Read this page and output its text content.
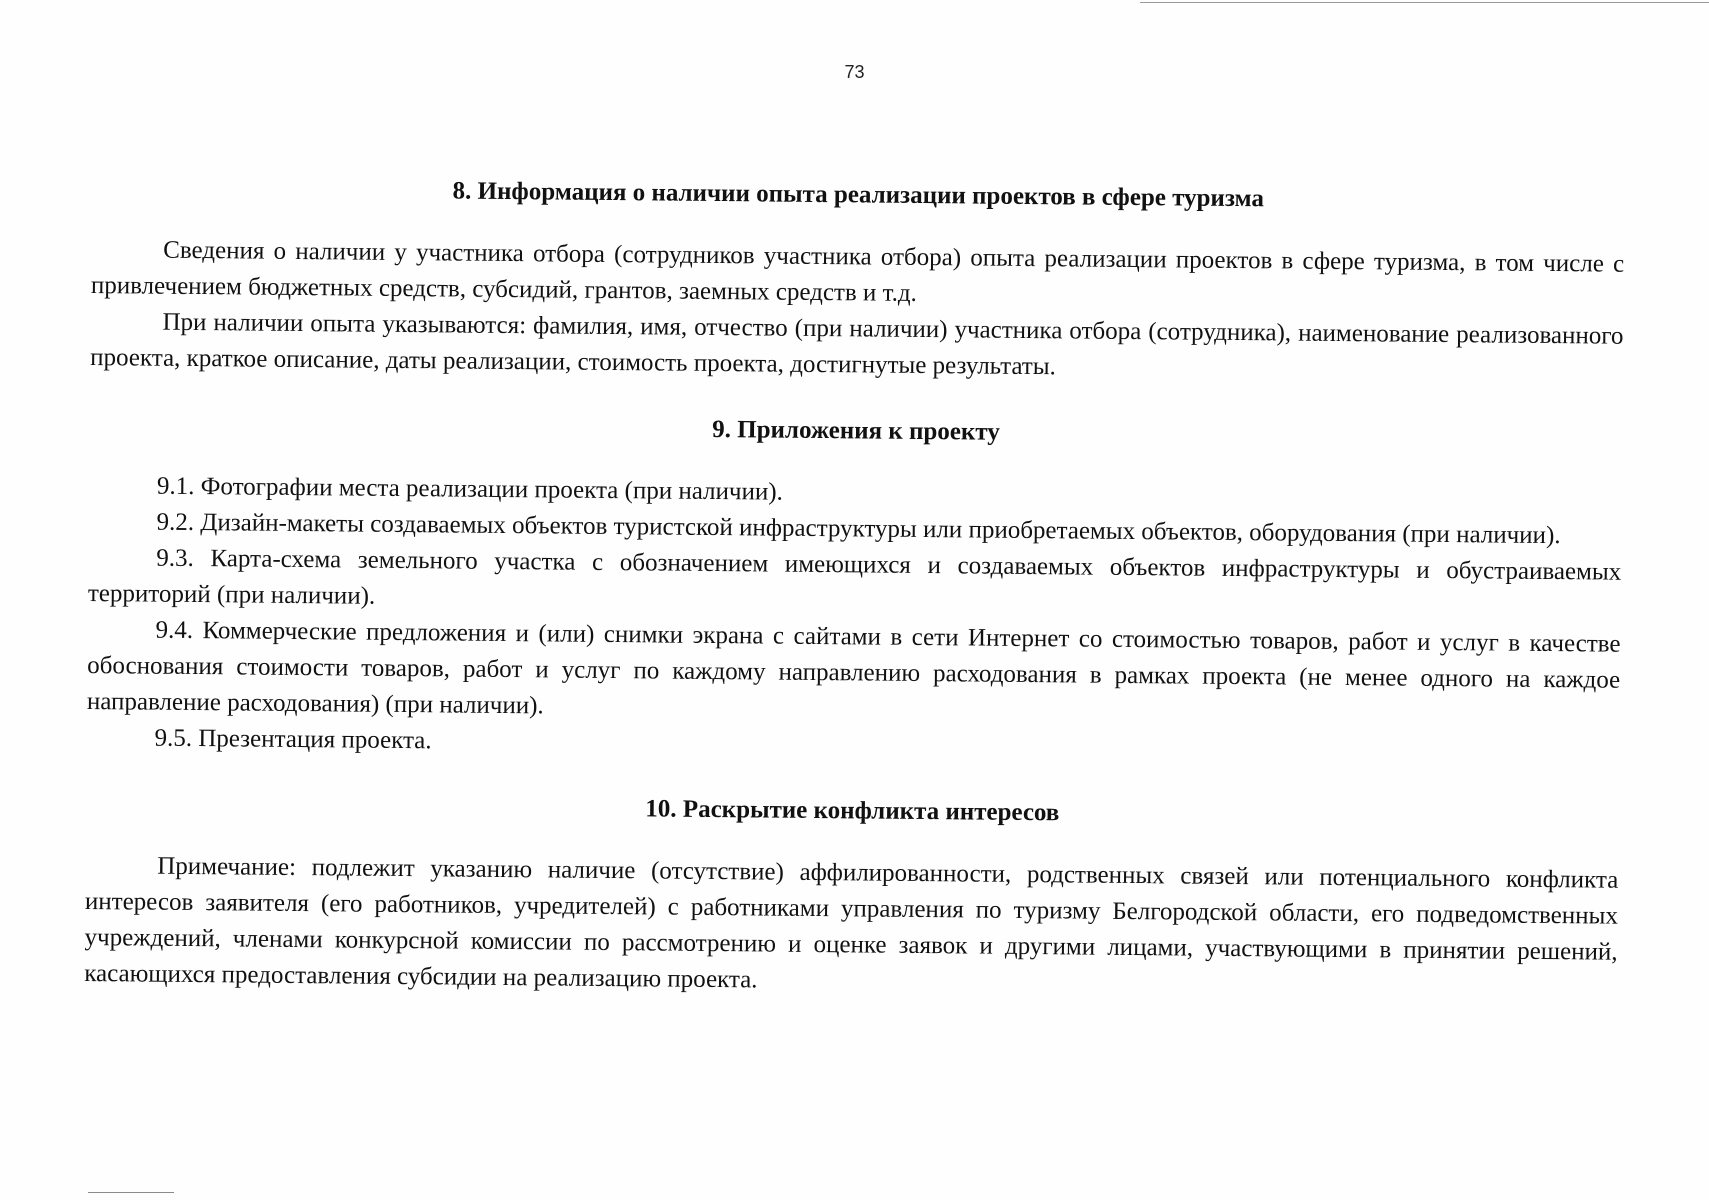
73
8. Информация о наличии опыта реализации проектов в сфере туризма

Сведения о наличии у участника отбора (сотрудников участника отбора) опыта реализации проектов в сфере туризма, в том числе с привлечением бюджетных средств, субсидий, грантов, заемных средств и т.д.

При наличии опыта указываются: фамилия, имя, отчество (при наличии) участника отбора (сотрудника), наименование реализованного проекта, краткое описание, даты реализации, стоимость проекта, достигнутые результаты.

9. Приложения к проекту

9.1. Фотографии места реализации проекта (при наличии).

9.2. Дизайн-макеты создаваемых объектов туристской инфраструктуры или приобретаемых объектов, оборудования (при наличии).

9.3. Карта-схема земельного участка с обозначением имеющихся и создаваемых объектов инфраструктуры и обустраиваемых территорий (при наличии).

9.4. Коммерческие предложения и (или) снимки экрана с сайтами в сети Интернет со стоимостью товаров, работ и услуг в качестве обоснования стоимости товаров, работ и услуг по каждому направлению расходования в рамках проекта (не менее одного на каждое направление расходования) (при наличии).

9.5. Презентация проекта.

10. Раскрытие конфликта интересов

Примечание: подлежит указанию наличие (отсутствие) аффилированности, родственных связей или потенциального конфликта интересов заявителя (его работников, учредителей) с работниками управления по туризму Белгородской области, его подведомственных учреждений, членами конкурсной комиссии по рассмотрению и оценке заявок и другими лицами, участвующими в принятии решений, касающихся предоставления субсидии на реализацию проекта.
